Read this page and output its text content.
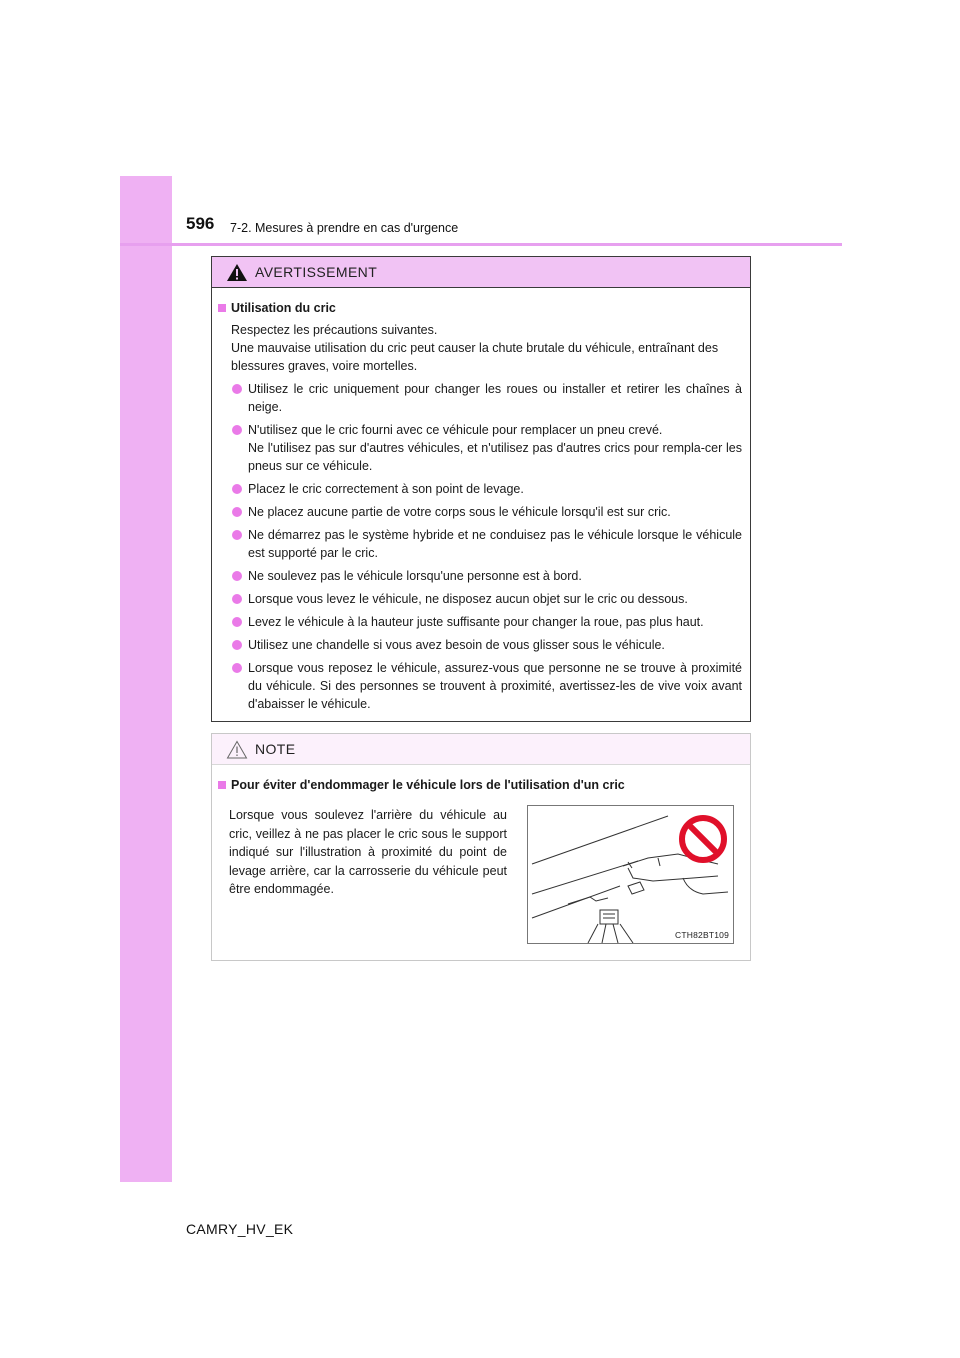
596 7-2. Mesures à prendre en cas d'urgence
AVERTISSEMENT
Utilisation du cric

Respectez les précautions suivantes.

Une mauvaise utilisation du cric peut causer la chute brutale du véhicule, entraînant des blessures graves, voire mortelles.

Utilisez le cric uniquement pour changer les roues ou installer et retirer les chaînes à neige.
N'utilisez que le cric fourni avec ce véhicule pour remplacer un pneu crevé.
Ne l'utilisez pas sur d'autres véhicules, et n'utilisez pas d'autres crics pour rempla-cer les pneus sur ce véhicule.
Placez le cric correctement à son point de levage.
Ne placez aucune partie de votre corps sous le véhicule lorsqu'il est sur cric.
Ne démarrez pas le système hybride et ne conduisez pas le véhicule lorsque le véhicule est supporté par le cric.
Ne soulevez pas le véhicule lorsqu'une personne est à bord.
Lorsque vous levez le véhicule, ne disposez aucun objet sur le cric ou dessous.
Levez le véhicule à la hauteur juste suffisante pour changer la roue, pas plus haut.
Utilisez une chandelle si vous avez besoin de vous glisser sous le véhicule.
Lorsque vous reposez le véhicule, assurez-vous que personne ne se trouve à proximité du véhicule. Si des personnes se trouvent à proximité, avertissez-les de vive voix avant d'abaisser le véhicule.
NOTE
Pour éviter d'endommager le véhicule lors de l'utilisation d'un cric
Lorsque vous soulevez l'arrière du véhicule au cric, veillez à ne pas placer le cric sous le support indiqué sur l'illustration à proximité du point de levage arrière, car la carrosserie du véhicule peut être endommagée.
CTH82BT109
CAMRY_HV_EK
